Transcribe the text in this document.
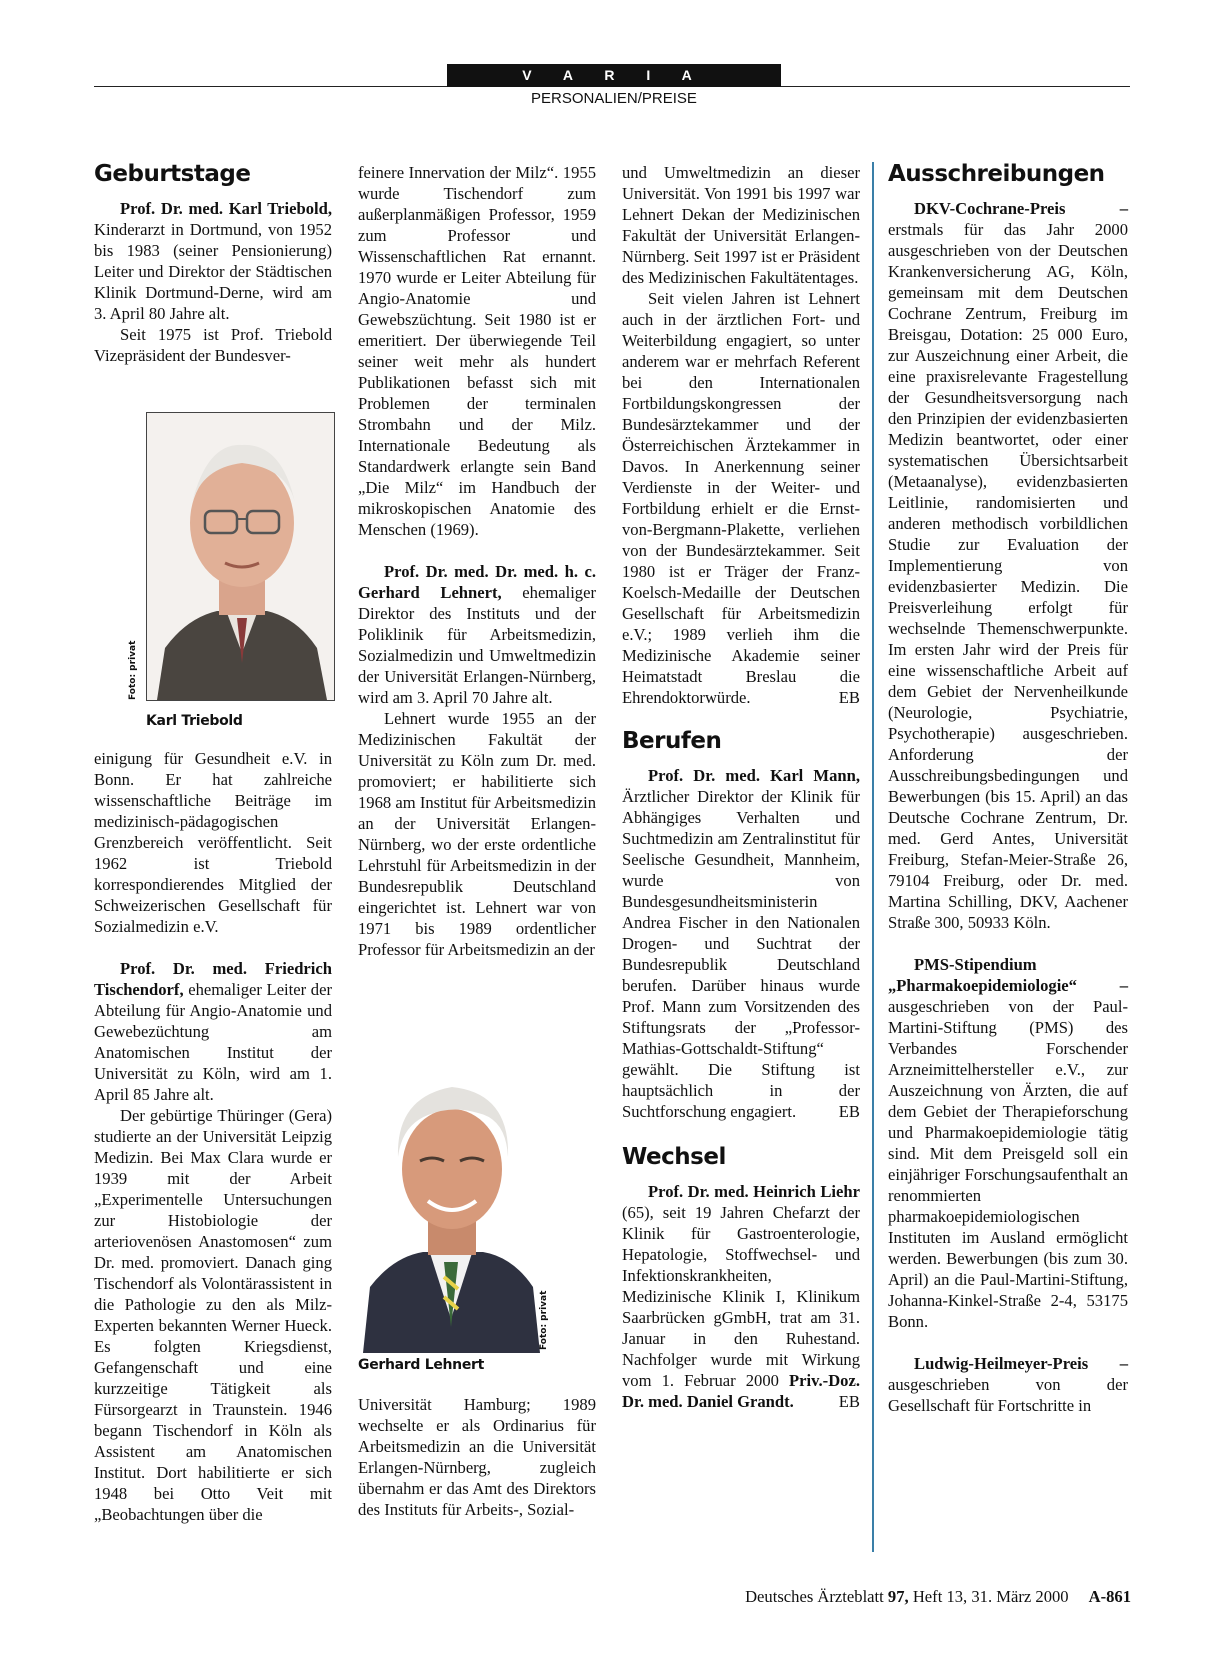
V A R I A
PERSONALIEN/PREISE
Geburtstage

Prof. Dr. med. Karl Triebold, Kinderarzt in Dortmund, von 1952 bis 1983 (seiner Pensionierung) Leiter und Direktor der Städtischen Klinik Dortmund-Derne, wird am 3. April 80 Jahre alt.

Seit 1975 ist Prof. Triebold Vizepräsident der Bundesver-

Foto: privat
Karl Triebold

einigung für Gesundheit e.V. in Bonn. Er hat zahlreiche wissenschaftliche Beiträge im medizinisch-pädagogischen Grenzbereich veröffentlicht. Seit 1962 ist Triebold korrespondierendes Mitglied der Schweizerischen Gesellschaft für Sozialmedizin e.V.

Prof. Dr. med. Friedrich Tischendorf, ehemaliger Leiter der Abteilung für Angio-Anatomie und Gewebezüchtung am Anatomischen Institut der Universität zu Köln, wird am 1. April 85 Jahre alt.

Der gebürtige Thüringer (Gera) studierte an der Universität Leipzig Medizin. Bei Max Clara wurde er 1939 mit der Arbeit „Experimentelle Untersuchungen zur Histobiologie der arteriovenösen Anastomosen“ zum Dr. med. promoviert. Danach ging Tischendorf als Volontärassistent in die Pathologie zu den als Milz-Experten bekannten Werner Hueck. Es folgten Kriegsdienst, Gefangenschaft und eine kurzzeitige Tätigkeit als Fürsorgearzt in Traunstein. 1946 begann Tischendorf in Köln als Assistent am Anatomischen Institut. Dort habilitierte er sich 1948 bei Otto Veit mit „Beobachtungen über die

feinere Innervation der Milz“. 1955 wurde Tischendorf zum außerplanmäßigen Professor, 1959 zum Professor und Wissenschaftlichen Rat ernannt. 1970 wurde er Leiter Abteilung für Angio-Anatomie und Gewebszüchtung. Seit 1980 ist er emeritiert. Der überwiegende Teil seiner weit mehr als hundert Publikationen befasst sich mit Problemen der terminalen Strombahn und der Milz. Internationale Bedeutung als Standardwerk erlangte sein Band „Die Milz“ im Handbuch der mikroskopischen Anatomie des Menschen (1969).

Prof. Dr. med. Dr. med. h. c. Gerhard Lehnert, ehemaliger Direktor des Instituts und der Poliklinik für Arbeitsmedizin, Sozialmedizin und Umweltmedizin der Universität Erlangen-Nürnberg, wird am 3. April 70 Jahre alt.

Lehnert wurde 1955 an der Medizinischen Fakultät der Universität zu Köln zum Dr. med. promoviert; er habilitierte sich 1968 am Institut für Arbeitsmedizin an der Universität Erlangen-Nürnberg, wo der erste ordentliche Lehrstuhl für Arbeitsmedizin in der Bundesrepublik Deutschland eingerichtet ist. Lehnert war von 1971 bis 1989 ordentlicher Professor für Arbeitsmedizin an der

Foto: privat
Gerhard Lehnert

Universität Hamburg; 1989 wechselte er als Ordinarius für Arbeitsmedizin an die Universität Erlangen-Nürnberg, zugleich übernahm er das Amt des Direktors des Instituts für Arbeits-, Sozial-

und Umweltmedizin an dieser Universität. Von 1991 bis 1997 war Lehnert Dekan der Medizinischen Fakultät der Universität Erlangen-Nürnberg. Seit 1997 ist er Präsident des Medizinischen Fakultätentages.

Seit vielen Jahren ist Lehnert auch in der ärztlichen Fort- und Weiterbildung engagiert, so unter anderem war er mehrfach Referent bei den Internationalen Fortbildungskongressen der Bundesärztekammer und der Österreichischen Ärztekammer in Davos. In Anerkennung seiner Verdienste in der Weiter- und Fortbildung erhielt er die Ernst-von-Bergmann-Plakette, verliehen von der Bundesärztekammer. Seit 1980 ist er Träger der Franz-Koelsch-Medaille der Deutschen Gesellschaft für Arbeitsmedizin e.V.; 1989 verlieh ihm die Medizinische Akademie seiner Heimatstadt Breslau die Ehrendoktorwürde.	EB

Berufen

Prof. Dr. med. Karl Mann, Ärztlicher Direktor der Klinik für Abhängiges Verhalten und Suchtmedizin am Zentralinstitut für Seelische Gesundheit, Mannheim, wurde von Bundesgesundheitsministerin Andrea Fischer in den Nationalen Drogen- und Suchtrat der Bundesrepublik Deutschland berufen. Darüber hinaus wurde Prof. Mann zum Vorsitzenden des Stiftungsrats der „Professor-Mathias-Gottschaldt-Stiftung“ gewählt. Die Stiftung ist hauptsächlich in der Suchtforschung engagiert.	EB

Wechsel

Prof. Dr. med. Heinrich Liehr (65), seit 19 Jahren Chefarzt der Klinik für Gastroenterologie, Hepatologie, Stoffwechsel- und Infektionskrankheiten, Medizinische Klinik I, Klinikum Saarbrücken gGmbH, trat am 31. Januar in den Ruhestand. Nachfolger wurde mit Wirkung vom 1. Februar 2000 Priv.-Doz. Dr. med. Daniel Grandt.	EB

Ausschreibungen

DKV-Cochrane-Preis – erstmals für das Jahr 2000 ausgeschrieben von der Deutschen Krankenversicherung AG, Köln, gemeinsam mit dem Deutschen Cochrane Zentrum, Freiburg im Breisgau, Dotation: 25 000 Euro, zur Auszeichnung einer Arbeit, die eine praxisrelevante Fragestellung der Gesundheitsversorgung nach den Prinzipien der evidenzbasierten Medizin beantwortet, oder einer systematischen Übersichtsarbeit (Metaanalyse), evidenzbasierten Leitlinie, randomisierten und anderen methodisch vorbildlichen Studie zur Evaluation der Implementierung von evidenzbasierter Medizin. Die Preisverleihung erfolgt für wechselnde Themenschwerpunkte. Im ersten Jahr wird der Preis für eine wissenschaftliche Arbeit auf dem Gebiet der Nervenheilkunde (Neurologie, Psychiatrie, Psychotherapie) ausgeschrieben. Anforderung der Ausschreibungsbedingungen und Bewerbungen (bis 15. April) an das Deutsche Cochrane Zentrum, Dr. med. Gerd Antes, Universität Freiburg, Stefan-Meier-Straße 26, 79104 Freiburg, oder Dr. med. Martina Schilling, DKV, Aachener Straße 300, 50933 Köln.

PMS-Stipendium „Pharmakoepidemiologie“ – ausgeschrieben von der Paul-Martini-Stiftung (PMS) des Verbandes Forschender Arzneimittelhersteller e.V., zur Auszeichnung von Ärzten, die auf dem Gebiet der Therapieforschung und Pharmakoepidemiologie tätig sind. Mit dem Preisgeld soll ein einjähriger Forschungsaufenthalt an renommierten pharmakoepidemiologischen Instituten im Ausland ermöglicht werden. Bewerbungen (bis zum 30. April) an die Paul-Martini-Stiftung, Johanna-Kinkel-Straße 2-4, 53175 Bonn.

Ludwig-Heilmeyer-Preis – ausgeschrieben von der Gesellschaft für Fortschritte in

Deutsches Ärzteblatt 97, Heft 13, 31. März 2000 A-861
